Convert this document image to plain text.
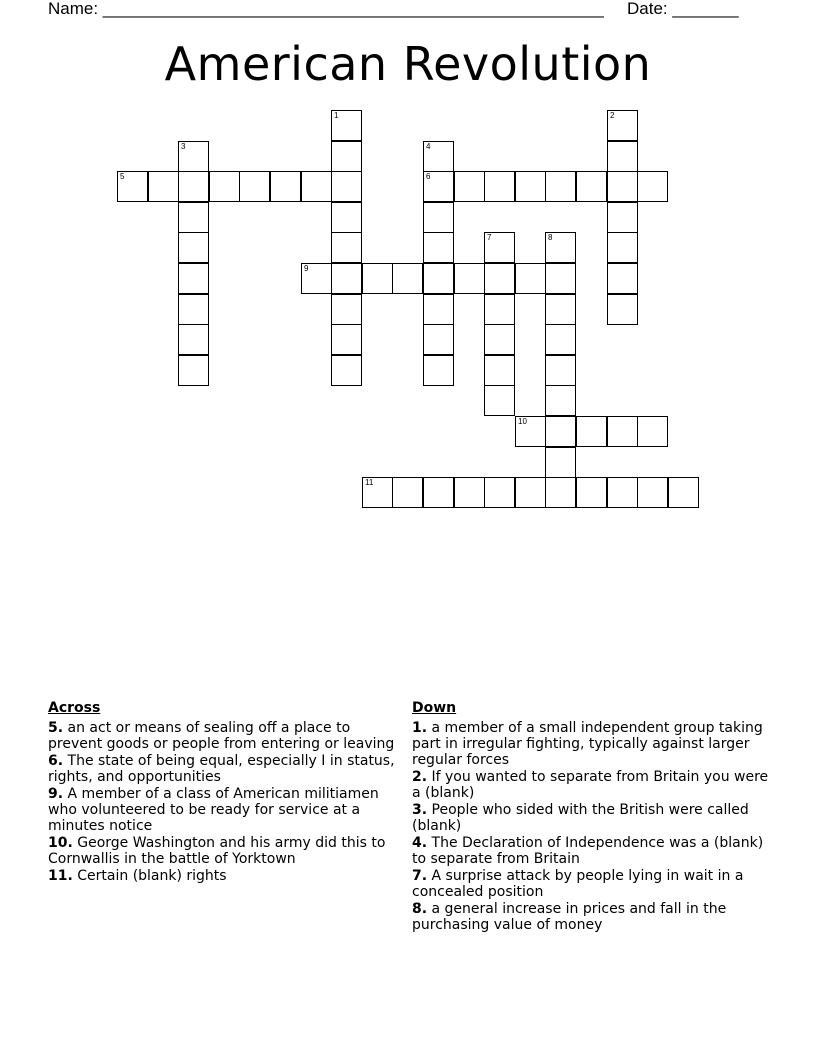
Name: _____________________________________________________ Date: _______
American Revolution
1	2
3	4
6
5
7	8
9
10
11
Across
5. an act or means of sealing off a place to prevent goods or people from entering or leaving
6. The state of being equal, especially I in status, rights, and opportunities
9. A member of a class of American militiamen who volunteered to be ready for service at a minutes notice
10. George Washington and his army did this to Cornwallis in the battle of Yorktown
11. Certain (blank) rights
Down
1. a member of a small independent group taking part in irregular fighting, typically against larger regular forces
2. If you wanted to separate from Britain you were a (blank)
3. People who sided with the British were called (blank)
4. The Declaration of Independence was a (blank) to separate from Britain
7. A surprise attack by people lying in wait in a concealed position
8. a general increase in prices and fall in the purchasing value of money
